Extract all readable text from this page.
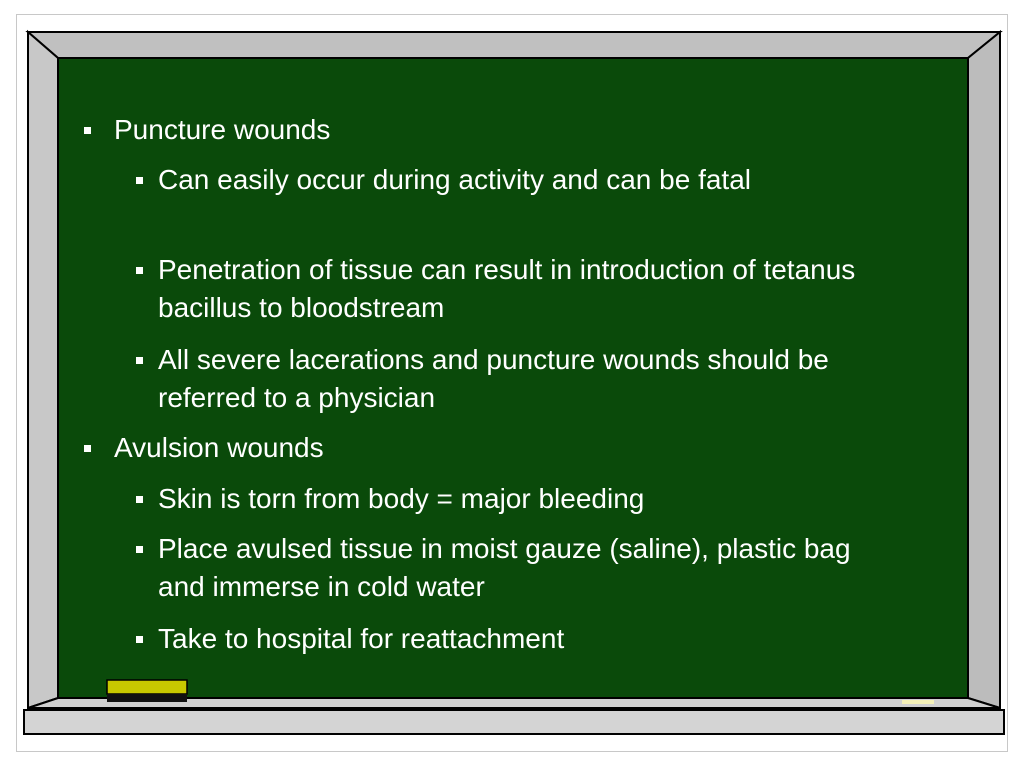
Puncture wounds
Can easily occur during activity and can be fatal
Penetration of tissue can result in introduction of tetanus bacillus to bloodstream
All severe lacerations and puncture wounds should be referred to a physician
Avulsion wounds
Skin is torn from body = major bleeding
Place avulsed tissue in moist gauze (saline), plastic bag and immerse in cold water
Take to hospital for reattachment
